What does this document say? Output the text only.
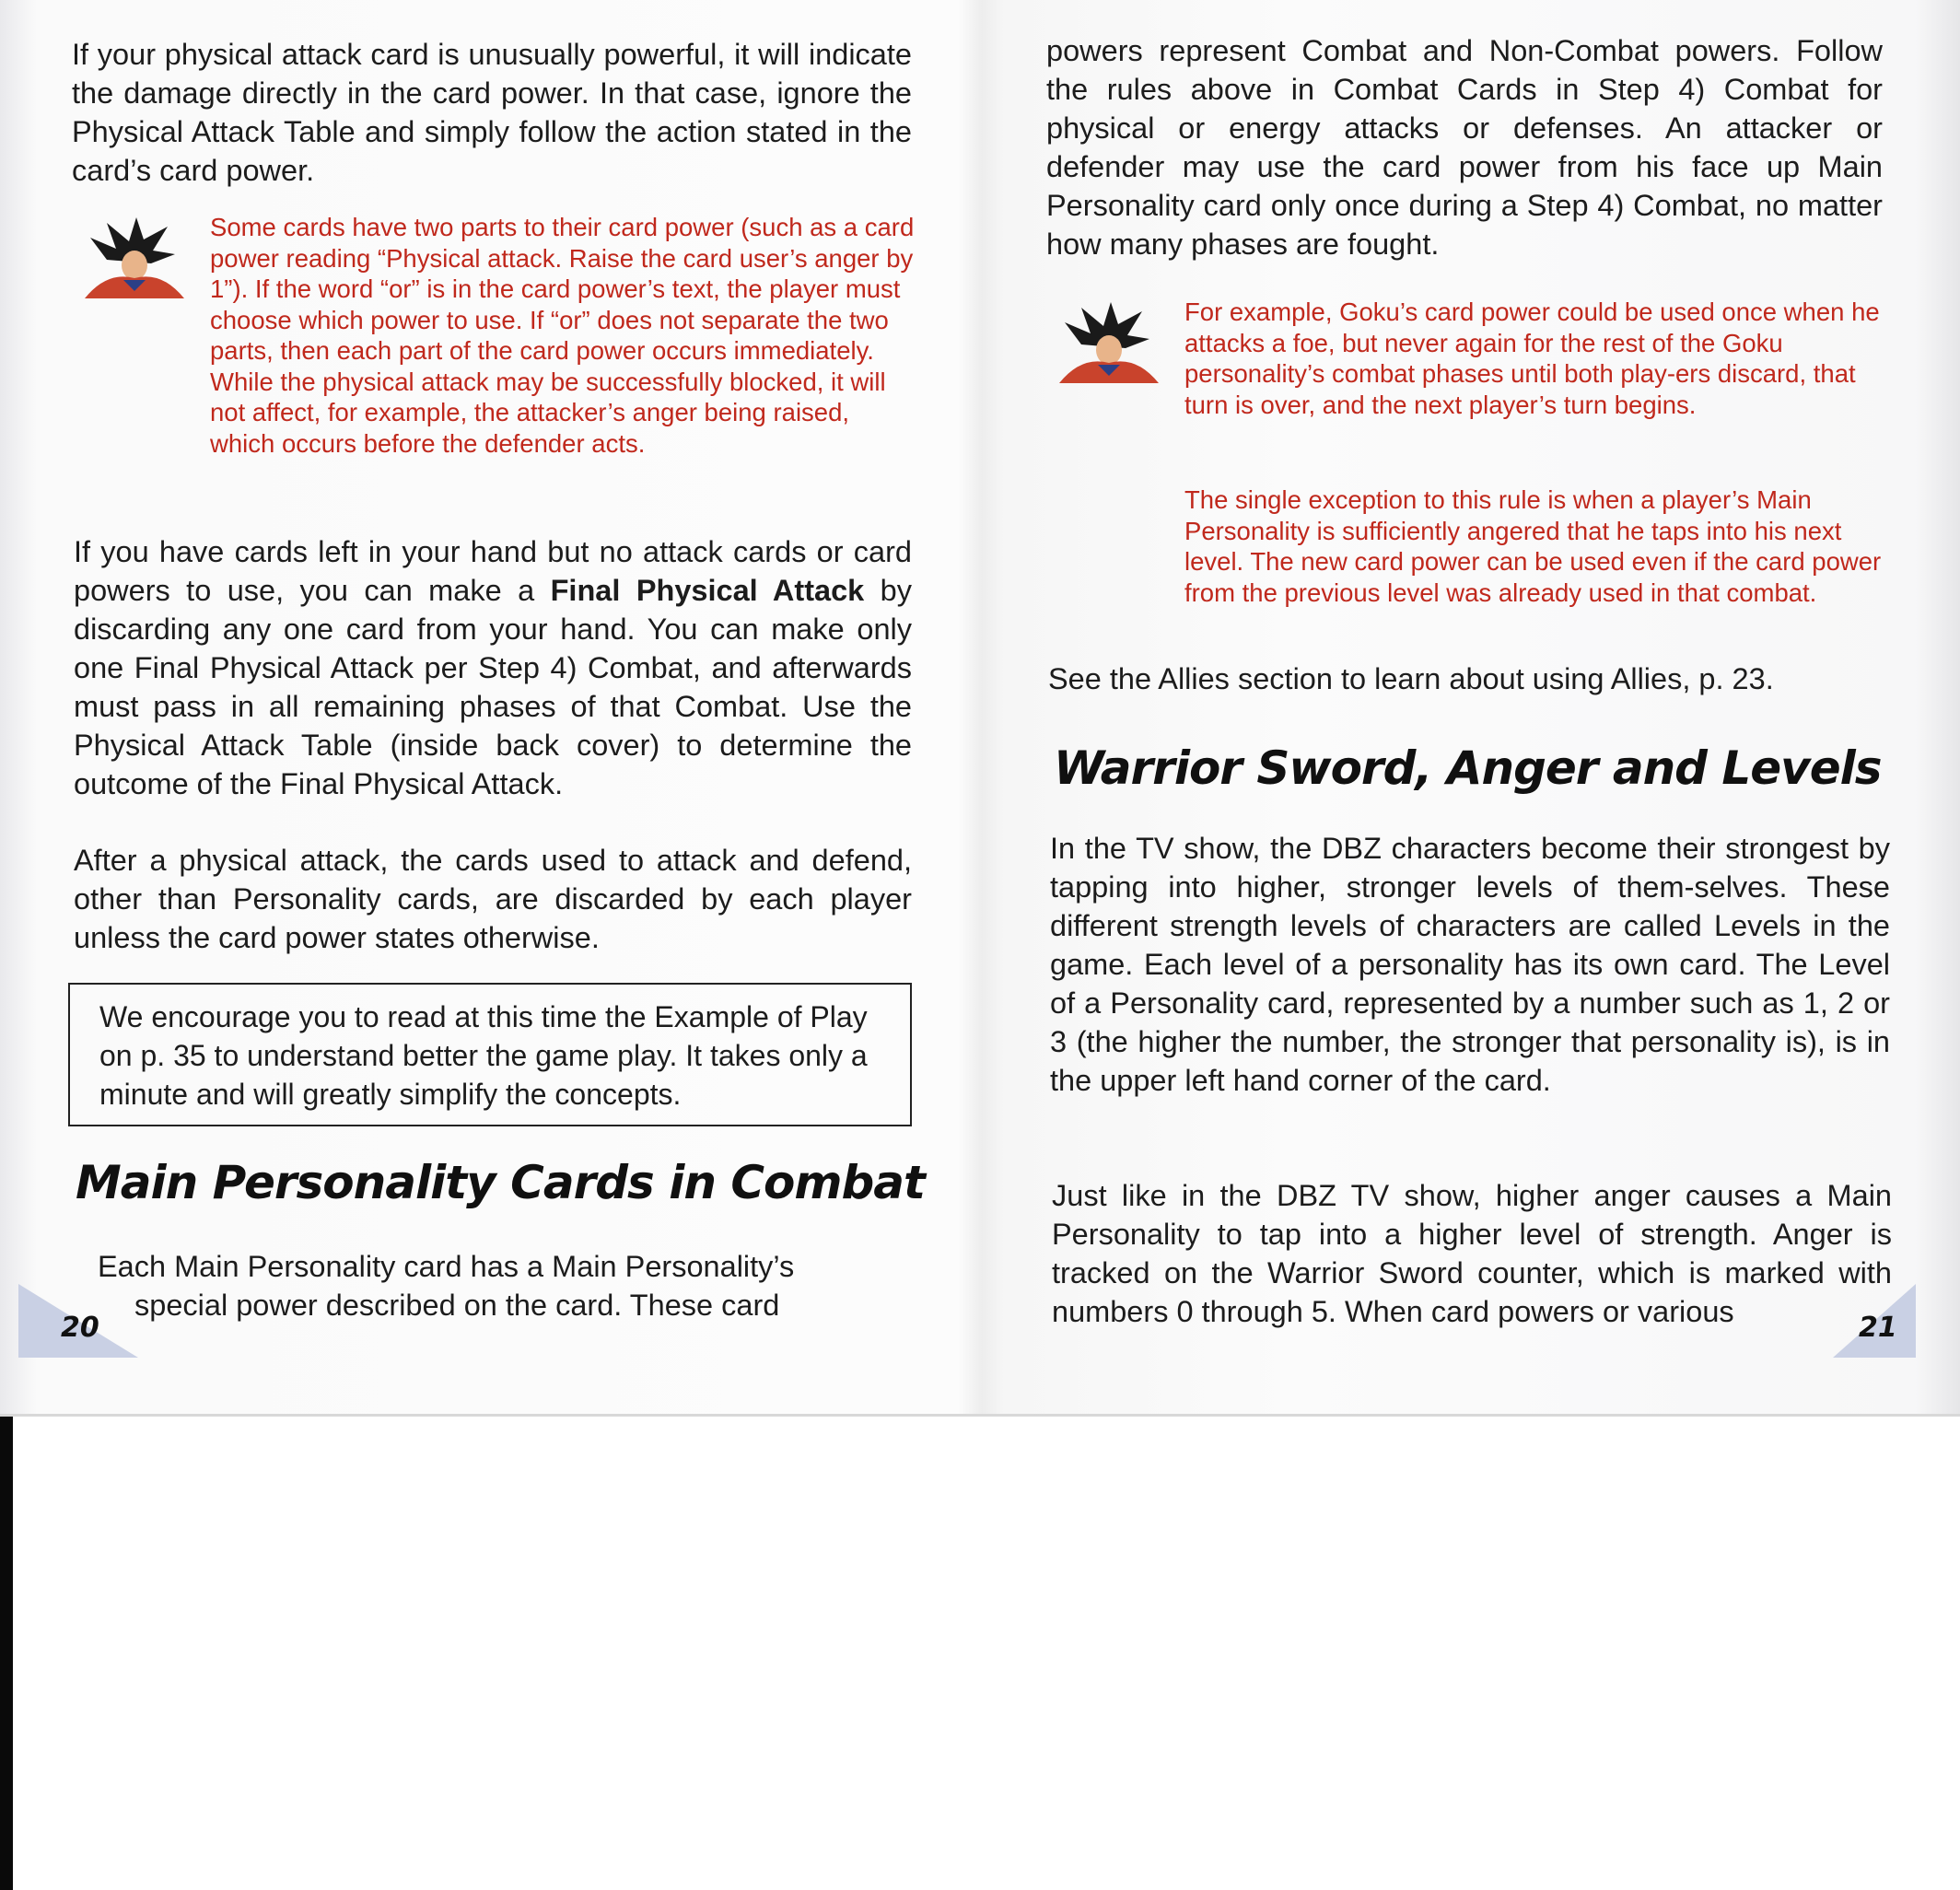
If your physical attack card is unusually powerful, it will indicate the damage directly in the card power. In that case, ignore the Physical Attack Table and simply follow the action stated in the card’s card power.

Some cards have two parts to their card power (such as a card power reading “Physical attack. Raise the card user’s anger by 1”). If the word “or” is in the card power’s text, the player must choose which power to use. If “or” does not separate the two parts, then each part of the card power occurs immediately. While the physical attack may be successfully blocked, it will not affect, for example, the attacker’s anger being raised, which occurs before the defender acts.

If you have cards left in your hand but no attack cards or card powers to use, you can make a Final Physical Attack by discarding any one card from your hand. You can make only one Final Physical Attack per Step 4) Combat, and afterwards must pass in all remaining phases of that Combat. Use the Physical Attack Table (inside back cover) to determine the outcome of the Final Physical Attack.

After a physical attack, the cards used to attack and defend, other than Personality cards, are discarded by each player unless the card power states otherwise.

We encourage you to read at this time the Example of Play on p. 35 to understand better the game play. It takes only a minute and will greatly simplify the concepts.

Main Personality Cards in Combat

Each Main Personality card has a Main Personality’s

special power described on the card. These card

20

powers represent Combat and Non-Combat powers. Follow the rules above in Combat Cards in Step 4) Combat for physical or energy attacks or defenses. An attacker or defender may use the card power from his face up Main Personality card only once during a Step 4) Combat, no matter how many phases are fought.

For example, Goku’s card power could be used once when he attacks a foe, but never again for the rest of the Goku personality’s combat phases until both play-ers discard, that turn is over, and the next player’s turn begins.

The single exception to this rule is when a player’s Main Personality is sufficiently angered that he taps into his next level. The new card power can be used even if the card power from the previous level was already used in that combat.

See the Allies section to learn about using Allies, p. 23.

Warrior Sword, Anger and Levels

In the TV show, the DBZ characters become their strongest by tapping into higher, stronger levels of them-selves. These different strength levels of characters are called Levels in the game. Each level of a personality has its own card. The Level of a Personality card, represented by a number such as 1, 2 or 3 (the higher the number, the stronger that personality is), is in the upper left hand corner of the card.

Just like in the DBZ TV show, higher anger causes a Main Personality to tap into a higher level of strength. Anger is tracked on the Warrior Sword counter, which is marked with numbers 0 through 5. When card powers or various	21
